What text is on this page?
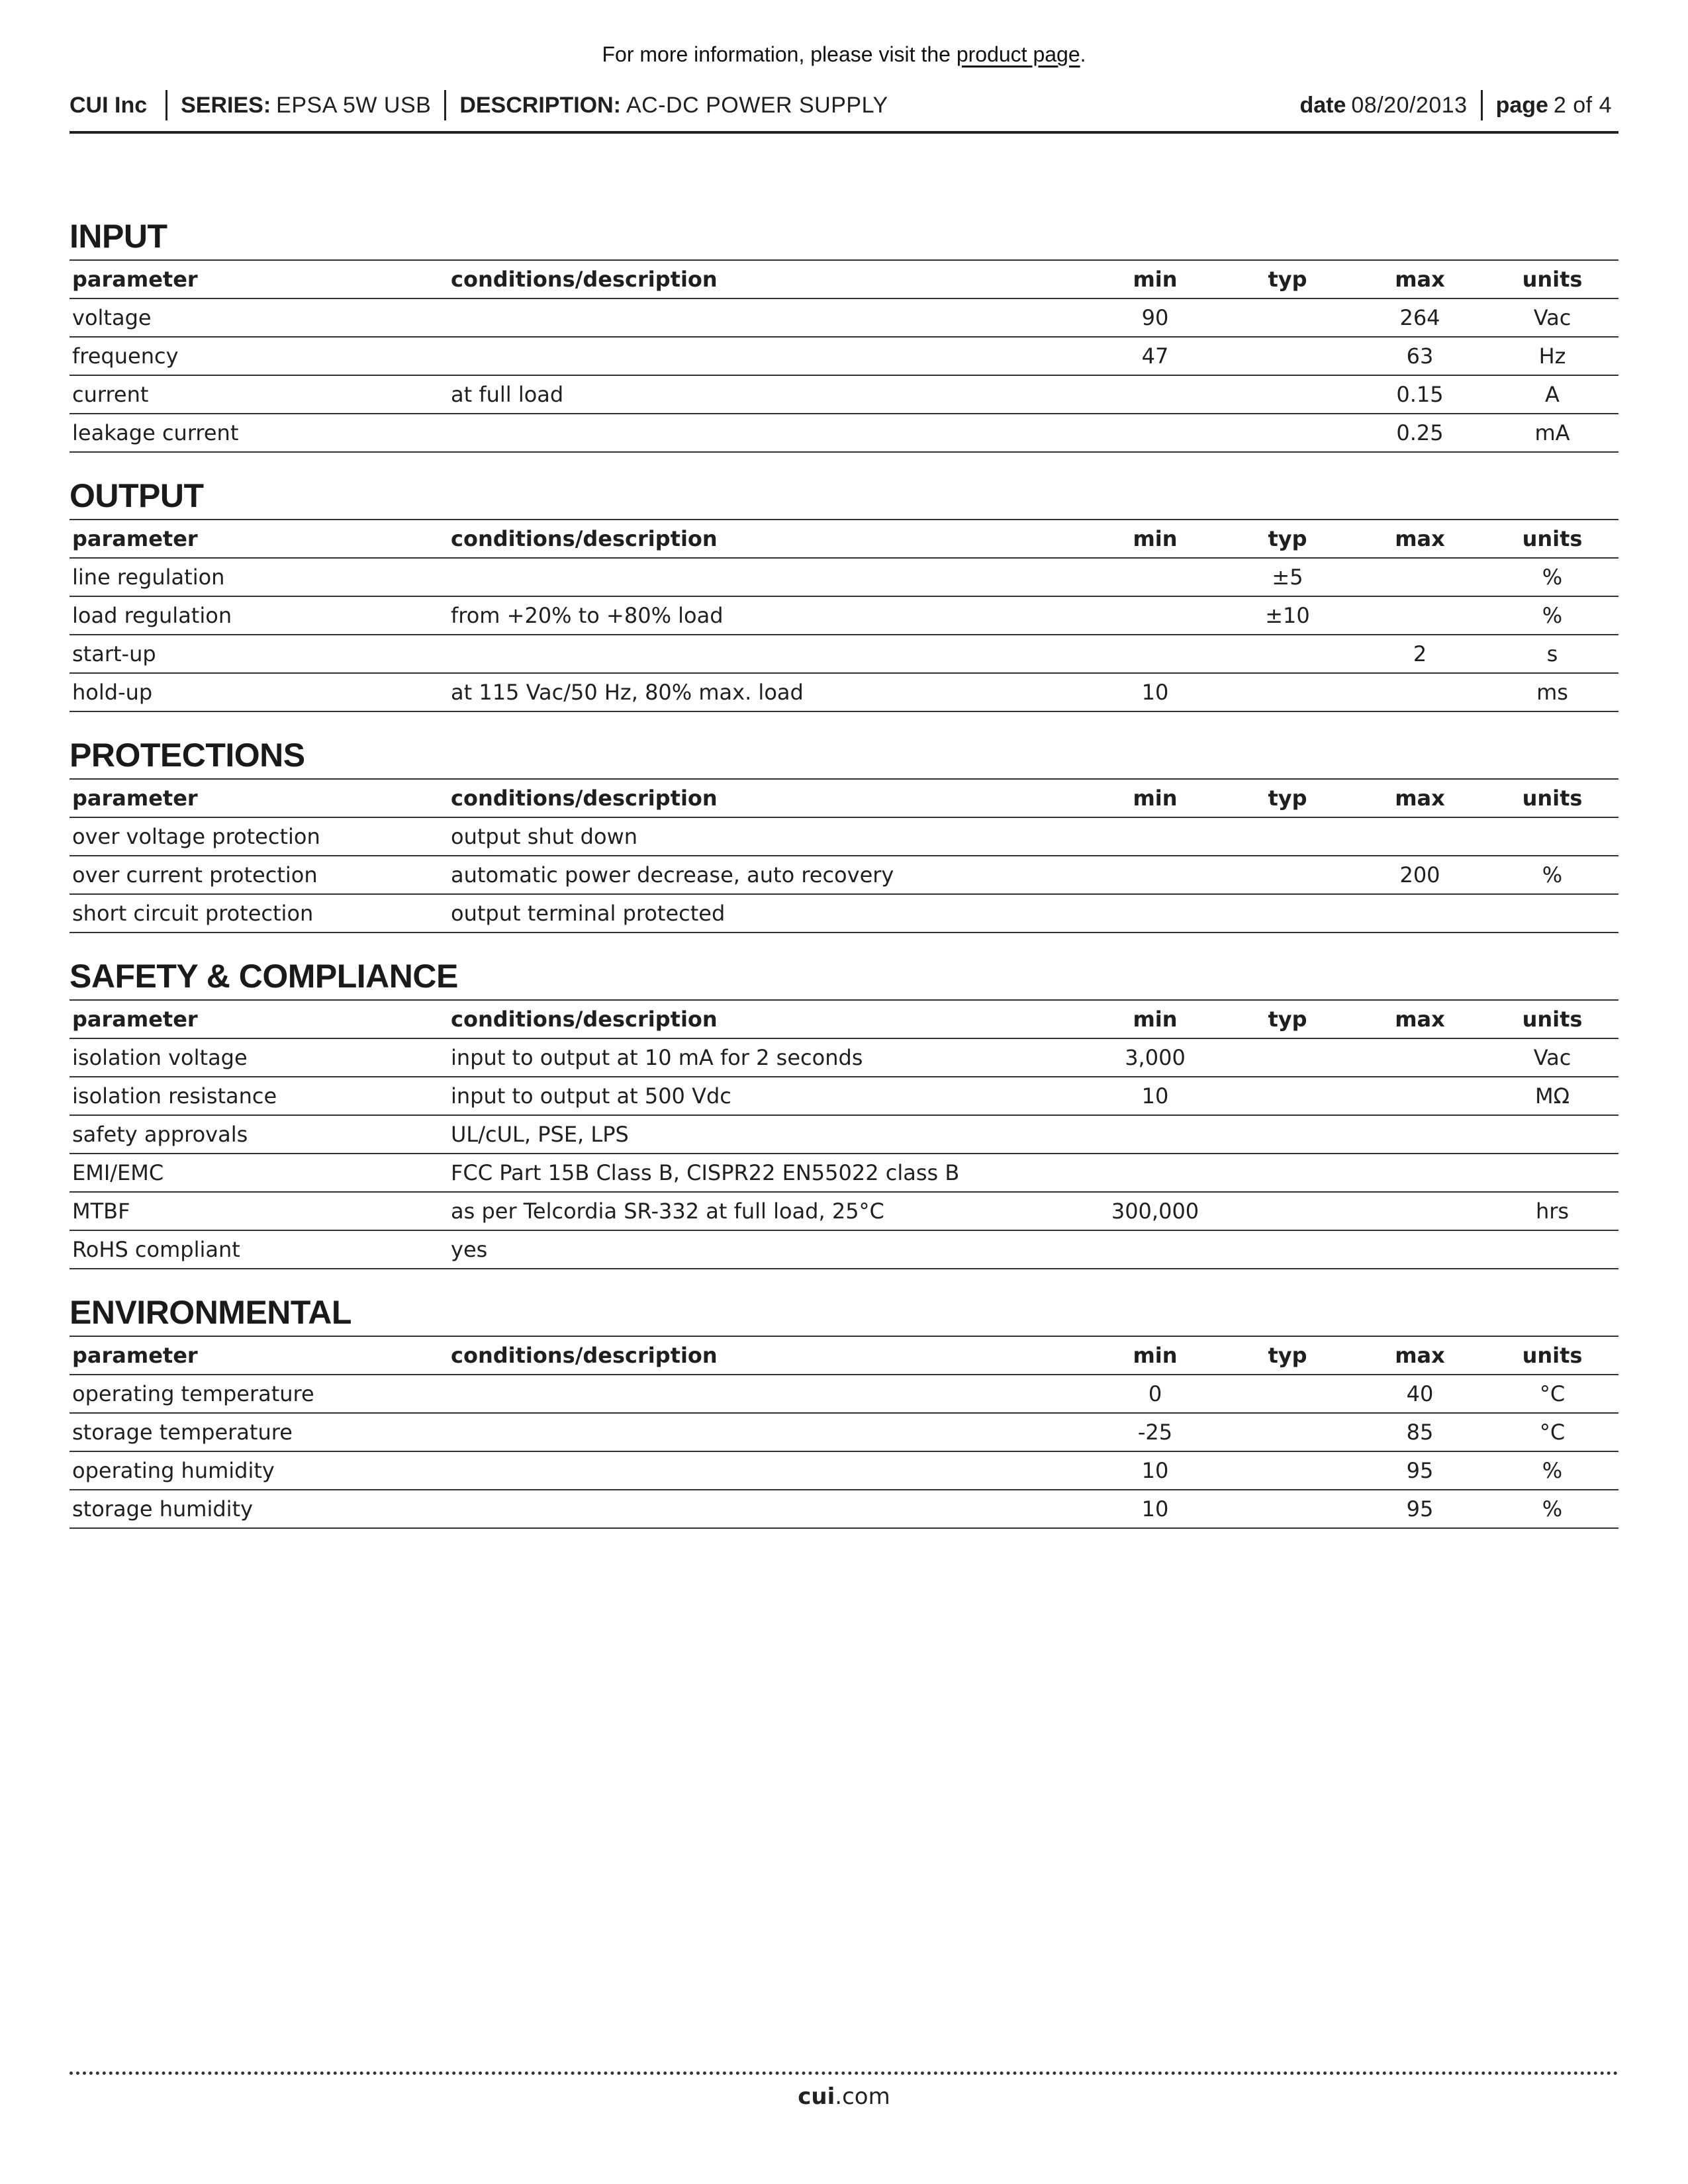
For more information, please visit the product page.
CUI Inc SERIES: EPSA 5W USB DESCRIPTION: AC-DC POWER SUPPLY	date 08/20/2013 page 2 of 4
INPUT
parameter	conditions/description	min	typ	max	units
voltage		90		264	Vac
frequency		47		63	Hz
current	at full load			0.15	A
leakage current				0.25	mA
OUTPUT
parameter	conditions/description	min	typ	max	units
line regulation			±5		%
load regulation	from +20% to +80% load		±10		%
start-up				2	s
hold-up	at 115 Vac/50 Hz, 80% max. load	10			ms
PROTECTIONS
parameter	conditions/description	min	typ	max	units
over voltage protection	output shut down				
over current protection	automatic power decrease, auto recovery			200	%
short circuit protection	output terminal protected				
SAFETY & COMPLIANCE
parameter	conditions/description	min	typ	max	units
isolation voltage	input to output at 10 mA for 2 seconds	3,000			Vac
isolation resistance	input to output at 500 Vdc	10			MΩ
safety approvals	UL/cUL, PSE, LPS				
EMI/EMC	FCC Part 15B Class B, CISPR22 EN55022 class B				
MTBF	as per Telcordia SR-332 at full load, 25°C	300,000			hrs
RoHS compliant	yes				
ENVIRONMENTAL
parameter	conditions/description	min	typ	max	units
operating temperature		0		40	°C
storage temperature		-25		85	°C
operating humidity		10		95	%
storage humidity		10		95	%
cui.com
